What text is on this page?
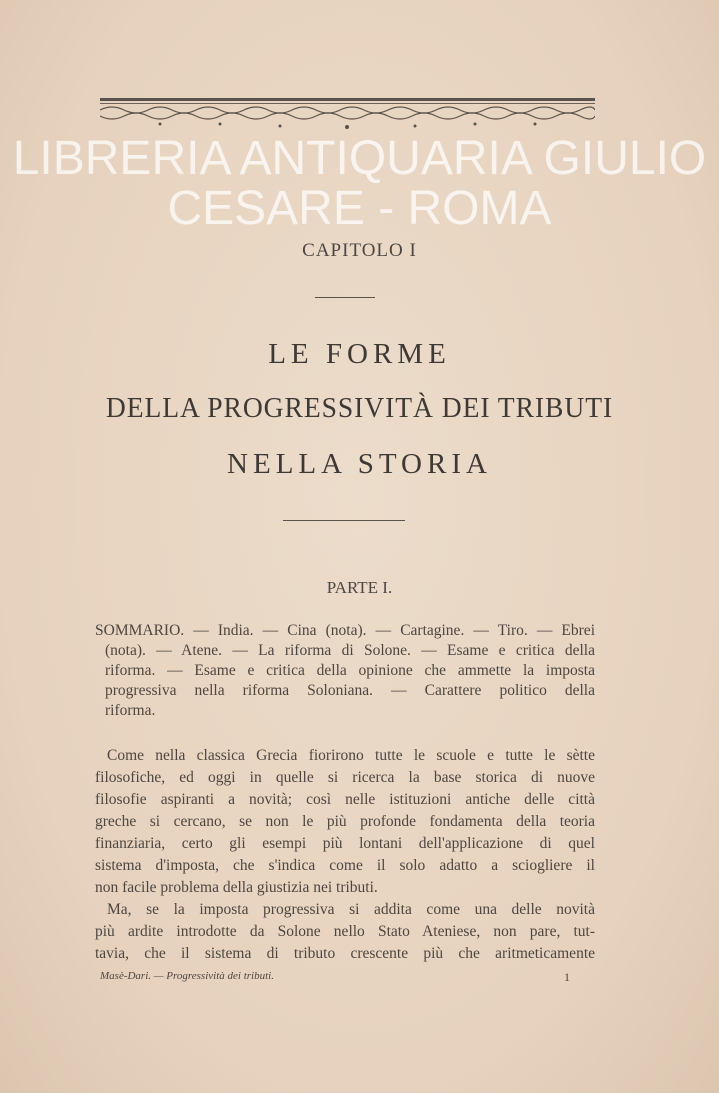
LIBRERIA ANTIQUARIA GIULIO CESARE - ROMA
CAPITOLO I
LE FORME
DELLA PROGRESSIVITÀ DEI TRIBUTI
NELLA STORIA
PARTE I.
SOMMARIO. — India. — Cina (nota). — Cartagine. — Tiro. — Ebrei
(nota). — Atene. — La riforma di Solone. — Esame e critica della
riforma. — Esame e critica della opinione che ammette la imposta
progressiva nella riforma Soloniana. — Carattere politico della
riforma.
Come nella classica Grecia fiorirono tutte le scuole e tutte le sètte
filosofiche, ed oggi in quelle si ricerca la base storica di nuove
filosofie aspiranti a novità; così nelle istituzioni antiche delle città
greche si cercano, se non le più profonde fondamenta della teoria
finanziaria, certo gli esempi più lontani dell'applicazione di quel
sistema d'imposta, che s'indica come il solo adatto a sciogliere il
non facile problema della giustizia nei tributi.
Ma, se la imposta progressiva si addita come una delle novità
più ardite introdotte da Solone nello Stato Ateniese, non pare, tut-
tavia, che il sistema di tributo crescente più che aritmeticamente
Masè-Dari. — Progressività dei tributi.	1
